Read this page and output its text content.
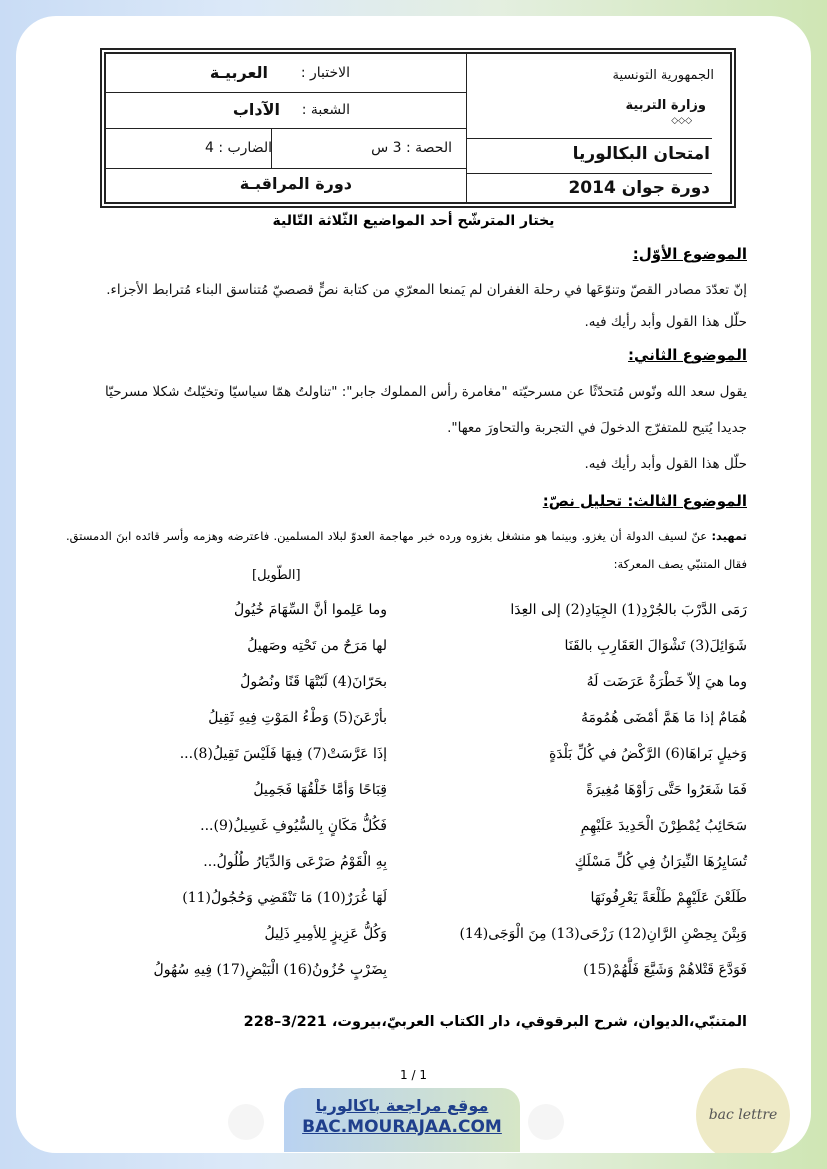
الجمهورية التونسية
وزارة التربية
◇◇◇
امتحان البكالوريا
دورة جوان 2014
الاختبار :
العربيـة
الشعبة :
الآداب
الحصة : 3 س
الضارب : 4
دورة المراقبـة
يختار المترشّح أحد المواضيع الثّلاثة التّالية
الموضوع الأوّل:
إنّ تعدّدَ مصادر القصّ وتنوّعَها في رحلة الغفران لم يَمنعا المعرّي من كتابة نصٍّ قصصيّ مُتناسق البناء مُترابط الأجزاء.
حلّل هذا القول وأبد رأيك فيه.
الموضوع الثاني:
يقول سعد الله ونّوس مُتحدّثًا عن مسرحيّته "مغامرة رأس المملوك جابر": "تناولتُ همّا سياسيّا وتخيّلتُ شكلا مسرحيّا
جديدا يُتيح للمتفرّج الدخولَ في التجربة والتحاورَ معها".
حلّل هذا القول وأبد رأيك فيه.
الموضوع الثالث: تحليل نصّ:
تمهيد: عنّ لسيف الدولة أن يغزو. وبينما هو منشغل بغزوه ورده خبر مهاجمة العدوّ لبلاد المسلمين. فاعترضه وهزمه وأسر قائده ابنَ الدمستق. فقال المتنبّي يصف المعركة:
[الطّويل]
رَمَى الدَّرْبَ بالجُرْدِ(1) الجِيَادِ(2) إلى العِدَا
وما عَلِموا أنَّ السِّهَامَ خُيُولُ
شَوَائِلَ(3) تَشْوَالَ العَقَارِبِ بالقَنَا
لها مَرَحٌ من تَحْتِه وصَهيلُ
وما هيَ إلاّ خَطْرَةٌ عَرَضَت لَهُ
بحَرّانَ(4) لَبّتْهَا قَنًا ونُصُولُ
هُمَامٌ إذا مَا هَمَّ أمْضَى هُمُومَهُ
بأرْعَنَ(5) وَطْءُ المَوْتِ فِيهِ ثَقِيلُ
وَخيلٍ بَراهَا(6) الرَّكْضُ في كُلِّ بَلْدَةٍ
إذَا عَرَّسَتْ(7) فِيهَا فَلَيْسَ تَقِيلُ(8)...
فَمَا شَعَرُوا حَتَّى رَأوْهَا مُغِيرَةً
قِبَاحًا وَأمَّا خَلْقُهَا فَجَمِيلُ
سَحَائِبُ يُمْطِرْنَ الْحَدِيدَ عَلَيْهِمِ
فَكُلُّ مَكَانٍ بِالسُّيُوفِ غَسِيلُ(9)...
تُسَايِرُهَا النِّيرَانُ فِي كُلِّ مَسْلَكٍ
بِهِ الْقَوْمُ صَرْعَى وَالدِّيَارُ طُلُولُ...
طَلَعْنَ عَلَيْهِمْ طَلْعَةً يَعْرِفُونَهَا
لَهَا غُرَرٌ(10) مَا تَنْقَضِي وَحُجُولُ(11)
وَبِتْنَ بِحِصْنِ الرَّانِ(12) رَزْحَى(13) مِنَ الْوَجَى(14)
وَكُلُّ عَزِيزٍ لِلأمِيرِ ذَلِيلُ
فَوَدَّعَ قَتْلاهُمْ وَشَيَّعَ فَلَّهُمْ(15)
بِضَرْبٍ حُزُونُ(16) الْبَيْضِ(17) فِيهِ سُهُولُ
المتنبّي،الديوان، شرح البرقوقي، دار الكتاب العربيّ،بيروت، 3/221–228
1 / 1
موقع مراجعة باكالوريا
BAC.MOURAJAA.COM
bac lettre
